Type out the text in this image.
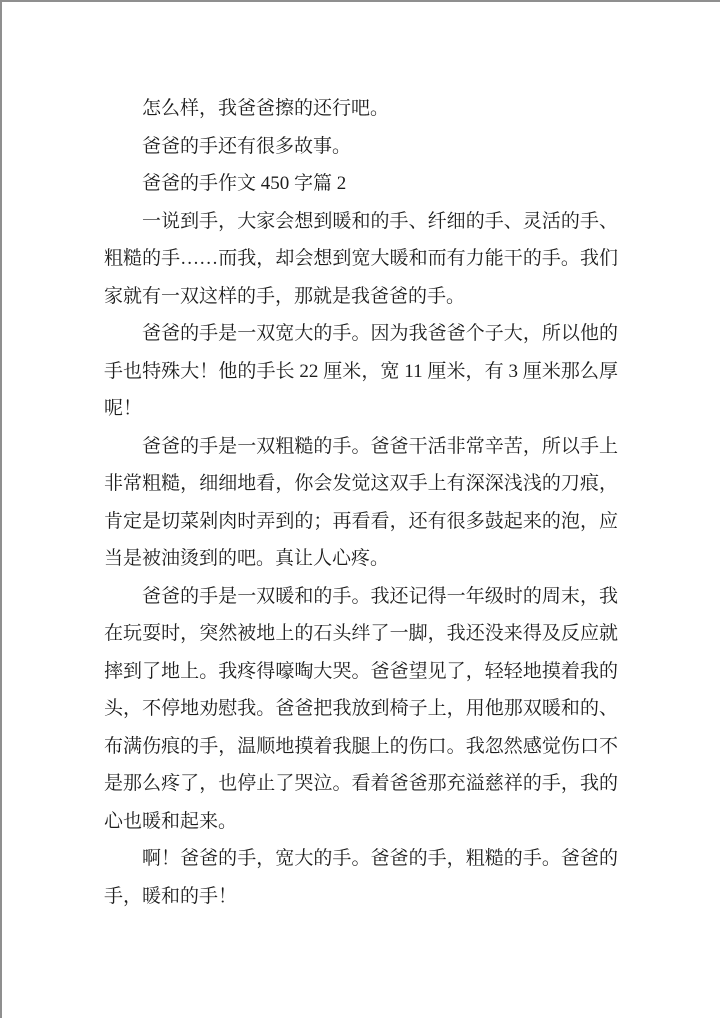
怎么样，我爸爸擦的还行吧。

爸爸的手还有很多故事。

爸爸的手作文 450 字篇 2

一说到手，大家会想到暖和的手、纤细的手、灵活的手、粗糙的手……而我，却会想到宽大暖和而有力能干的手。我们家就有一双这样的手，那就是我爸爸的手。

爸爸的手是一双宽大的手。因为我爸爸个子大，所以他的手也特殊大！他的手长 22 厘米，宽 11 厘米，有 3 厘米那么厚呢！

爸爸的手是一双粗糙的手。爸爸干活非常辛苦，所以手上非常粗糙，细细地看，你会发觉这双手上有深深浅浅的刀痕，肯定是切菜剁肉时弄到的；再看看，还有很多鼓起来的泡，应当是被油烫到的吧。真让人心疼。

爸爸的手是一双暖和的手。我还记得一年级时的周末，我在玩耍时，突然被地上的石头绊了一脚，我还没来得及反应就摔到了地上。我疼得嚎啕大哭。爸爸望见了，轻轻地摸着我的头，不停地劝慰我。爸爸把我放到椅子上，用他那双暖和的、布满伤痕的手，温顺地摸着我腿上的伤口。我忽然感觉伤口不是那么疼了，也停止了哭泣。看着爸爸那充溢慈祥的手，我的心也暖和起来。

啊！爸爸的手，宽大的手。爸爸的手，粗糙的手。爸爸的手，暖和的手！
